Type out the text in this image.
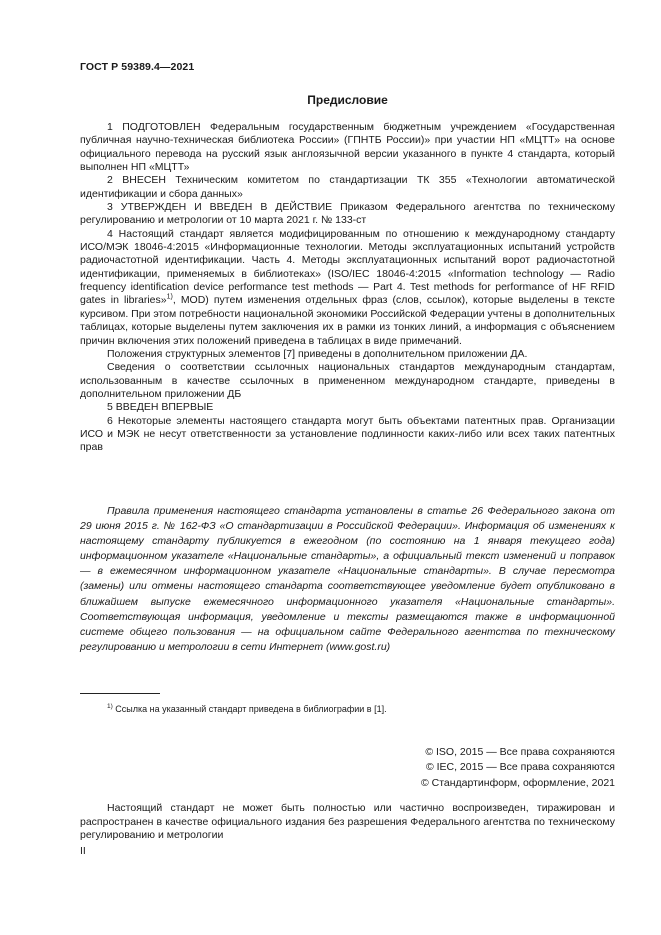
ГОСТ Р 59389.4—2021
Предисловие

1 ПОДГОТОВЛЕН Федеральным государственным бюджетным учреждением «Государственная публичная научно-техническая библиотека России» (ГПНТБ России)» при участии НП «МЦТТ» на основе официального перевода на русский язык англоязычной версии указанного в пункте 4 стандарта, который выполнен НП «МЦТТ»

2 ВНЕСЕН Техническим комитетом по стандартизации ТК 355 «Технологии автоматической идентификации и сбора данных»

3 УТВЕРЖДЕН И ВВЕДЕН В ДЕЙСТВИЕ Приказом Федерального агентства по техническому регулированию и метрологии от 10 марта 2021 г. № 133-ст

4 Настоящий стандарт является модифицированным по отношению к международному стандарту ИСО/МЭК 18046-4:2015 «Информационные технологии. Методы эксплуатационных испытаний устройств радиочастотной идентификации. Часть 4. Методы эксплуатационных испытаний ворот радиочастотной идентификации, применяемых в библиотеках» (ISO/IEC 18046-4:2015 «Information technology — Radio frequency identification device performance test methods — Part 4. Test methods for performance of HF RFID gates in libraries»$^{1)}$, MOD) путем изменения отдельных фраз (слов, ссылок), которые выделены в тексте курсивом. При этом потребности национальной экономики Российской Федерации учтены в дополнительных таблицах, которые выделены путем заключения их в рамки из тонких линий, а информация с объяснением причин включения этих положений приведена в таблицах в виде примечаний.

Положения структурных элементов [7] приведены в дополнительном приложении ДА.

Сведения о соответствии ссылочных национальных стандартов международным стандартам, использованным в качестве ссылочных в примененном международном стандарте, приведены в дополнительном приложении ДБ

5 ВВЕДЕН ВПЕРВЫЕ

6 Некоторые элементы настоящего стандарта могут быть объектами патентных прав. Организации ИСО и МЭК не несут ответственности за установление подлинности каких-либо или всех таких патентных прав

Правила применения настоящего стандарта установлены в статье 26 Федерального закона от 29 июня 2015 г. № 162-ФЗ «О стандартизации в Российской Федерации». Информация об изменениях к настоящему стандарту публикуется в ежегодном (по состоянию на 1 января текущего года) информационном указателе «Национальные стандарты», а официальный текст изменений и поправок — в ежемесячном информационном указателе «Национальные стандарты». В случае пересмотра (замены) или отмены настоящего стандарта соответствующее уведомление будет опубликовано в ближайшем выпуске ежемесячного информационного указателя «Национальные стандарты». Соответствующая информация, уведомление и тексты размещаются также в информационной системе общего пользования — на официальном сайте Федерального агентства по техническому регулированию и метрологии в сети Интернет (www.gost.ru)

$^{1)}$ Ссылка на указанный стандарт приведена в библиографии в [1].
© ISO, 2015 — Все права сохраняются
© IEC, 2015 — Все права сохраняются
© Стандартинформ, оформление, 2021

Настоящий стандарт не может быть полностью или частично воспроизведен, тиражирован и распространен в качестве официального издания без разрешения Федерального агентства по техническому регулированию и метрологии

II
